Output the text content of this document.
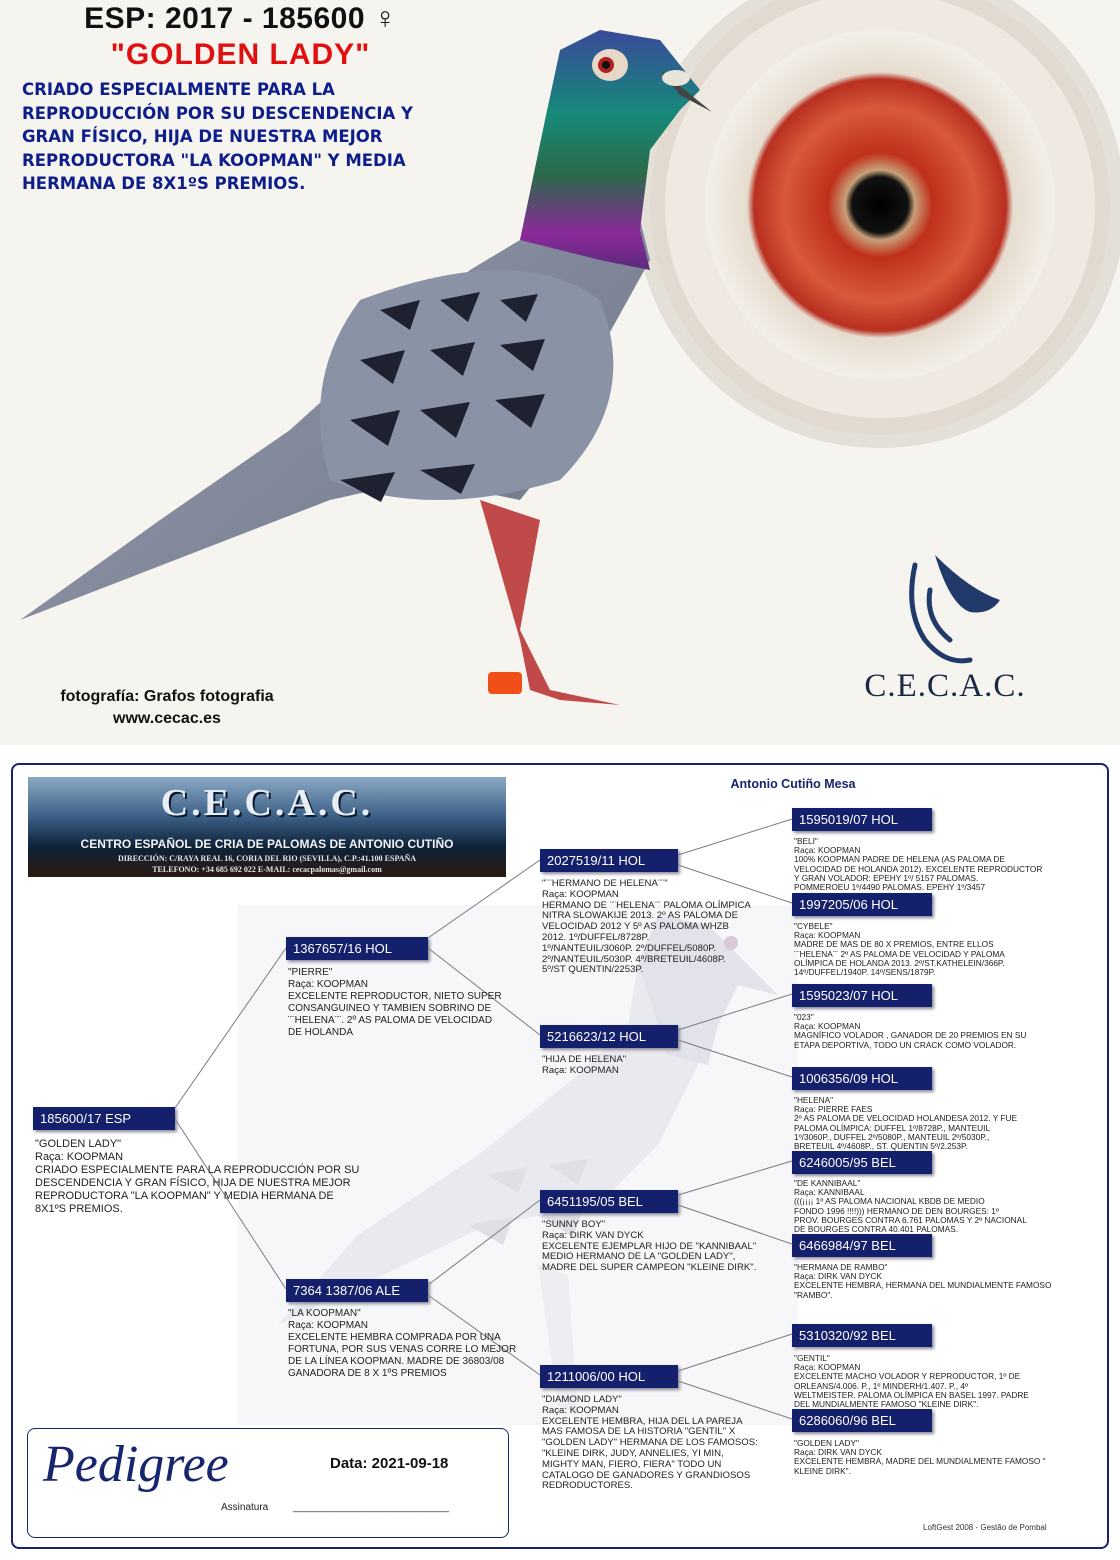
ESP: 2017 - 185600 ♀
"GOLDEN LADY"
CRIADO ESPECIALMENTE PARA LA
REPRODUCCIÓN POR SU DESCENDENCIA Y
GRAN FÍSICO, HIJA DE NUESTRA MEJOR
REPRODUCTORA "LA KOOPMAN" Y MEDIA
HERMANA DE 8X1ºS PREMIOS.
fotografía: Grafos fotografia
www.cecac.es
C.E.C.A.C.
C.E.C.A.C.
CENTRO ESPAÑOL DE CRIA DE PALOMAS DE ANTONIO CUTIÑO
DIRECCIÓN: C/RAYA REAL 16, CORIA DEL RIO (SEVILLA), C.P.:41.100 ESPAÑA
TELEFONO: +34 685 692 022 E-MAIL: cecacpalomas@gmail.com
Antonio Cutiño Mesa
185600/17 ESP
"GOLDEN LADY"
Raça: KOOPMAN
CRIADO ESPECIALMENTE PARA LA REPRODUCCIÓN POR SU
DESCENDENCIA Y GRAN FÍSICO, HIJA DE NUESTRA MEJOR
REPRODUCTORA "LA KOOPMAN" Y MEDIA HERMANA DE
8X1ºS PREMIOS.
1367657/16 HOL
"PIERRE"
Raça: KOOPMAN
EXCELENTE REPRODUCTOR, NIETO SUPER
CONSANGUINEO Y TAMBIEN SOBRINO DE
¨¨HELENA¨¨. 2º AS PALOMA DE VELOCIDAD
DE HOLANDA
7364 1387/06 ALE
"LA KOOPMAN"
Raça: KOOPMAN
EXCELENTE HEMBRA COMPRADA POR UNA
FORTUNA, POR SUS VENAS CORRE LO MEJOR
DE LA LÍNEA KOOPMAN. MADRE DE 36803/08
GANADORA DE 8 X 1ºS PREMIOS
2027519/11 HOL
"¨¨HERMANO DE HELENA¨¨"
Raça: KOOPMAN
HERMANO DE ¨¨HELENA¨¨ PALOMA OLÍMPICA
NITRA SLOWAKIJE 2013. 2º AS PALOMA DE
VELOCIDAD 2012 Y 5º AS PALOMA WHZB
2012. 1º/DUFFEL/8728P.
1º/NANTEUIL/3060P. 2º/DUFFEL/5080P.
2º/NANTEUIL/5030P. 4º/BRETEUIL/4608P.
5º/ST QUENTIN/2253P.
5216623/12 HOL
"HIJA DE HELENA"
Raça: KOOPMAN
6451195/05 BEL
"SUNNY BOY"
Raça: DIRK VAN DYCK
EXCELENTE EJEMPLAR HIJO DE "KANNIBAAL"
MEDIO HERMANO DE LA "GOLDEN LADY",
MADRE DEL SUPER CAMPEON "KLEINE DIRK".
1211006/00 HOL
"DIAMOND LADY"
Raça: KOOPMAN
EXCELENTE HEMBRA, HIJA DEL LA PAREJA
MAS FAMOSA DE LA HISTORIA "GENTIL" X
"GOLDEN LADY" HERMANA DE LOS FAMOSOS:
"KLEINE DIRK, JUDY, ANNELIES, YI MIN,
MIGHTY MAN, FIERO, FIERA" TODO UN
CATALOGO DE GANADORES Y GRANDIOSOS
REDRODUCTORES.
1595019/07 HOL
"BELI"
Raça: KOOPMAN
100% KOOPMAN PADRE DE HELENA (AS PALOMA DE
VELOCIDAD DE HOLANDA 2012). EXCELENTE REPRODUCTOR
Y GRAN VOLADOR: EPEHY 1º/ 5157 PALOMAS.
POMMEROEU 1º/4490 PALOMAS. EPEHY 1º/3457
1997205/06 HOL
"CYBELE"
Raça: KOOPMAN
MADRE DE MAS DE 80 X PREMIOS, ENTRE ELLOS
¨¨HELENA¨¨ 2º AS PALOMA DE VELOCIDAD Y PALOMA
OLÍMPICA DE HOLANDA 2013. 2º/ST.KATHELEIN/366P.
14º/DUFFEL/1940P. 14º/SENS/1879P.
1595023/07 HOL
"023"
Raça: KOOPMAN
MAGNÍFICO VOLADOR , GANADOR DE 20 PREMIOS EN SU
ETAPA DEPORTIVA, TODO UN CRACK COMO VOLADOR.
1006356/09 HOL
"HELENA"
Raça: PIERRE FAES
2º AS PALOMA DE VELOCIDAD HOLANDESA 2012. Y FUE
PALOMA OLÍMPICA: DUFFEL 1º/8728P., MANTEUIL
1º/3060P., DUFFEL 2º/5080P., MANTEUIL 2º/5030P.,
BRETEUIL 4º/4608P., ST. QUENTIN 5º/2.253P.
6246005/95 BEL
"DE KANNIBAAL"
Raça: KANNIBAAL
(((¡¡¡¡ 1º AS PALOMA NACIONAL KBDB DE MEDIO
FONDO 1996 !!!!))) HERMANO DE DEN BOURGES: 1º
PROV. BOURGES CONTRA 6.761 PALOMAS Y 2º NACIONAL
DE BOURGES CONTRA 40.401 PALOMAS.
6466984/97 BEL
"HERMANA DE RAMBO"
Raça: DIRK VAN DYCK
EXCELENTE HEMBRA, HERMANA DEL MUNDIALMENTE FAMOSO
"RAMBO".
5310320/92 BEL
"GENTIL"
Raça: KOOPMAN
EXCELENTE MACHO VOLADOR Y REPRODUCTOR, 1º DE
ORLEANS/4.006. P., 1º MINDERH/1.407. P., 4º
WELTMEISTER. PALOMA OLÍMPICA EN BASEL 1997. PADRE
DEL MUNDIALMENTE FAMOSO "KLEINE DIRK".
6286060/96 BEL
"GOLDEN LADY"
Raça: DIRK VAN DYCK
EXCELENTE HEMBRA, MADRE DEL MUNDIALMENTE FAMOSO "
KLEINE DIRK".
Pedigree	Data: 2021-09-18
Assinatura ____________________________
LoftGest 2008 - Gestão de Pombal
